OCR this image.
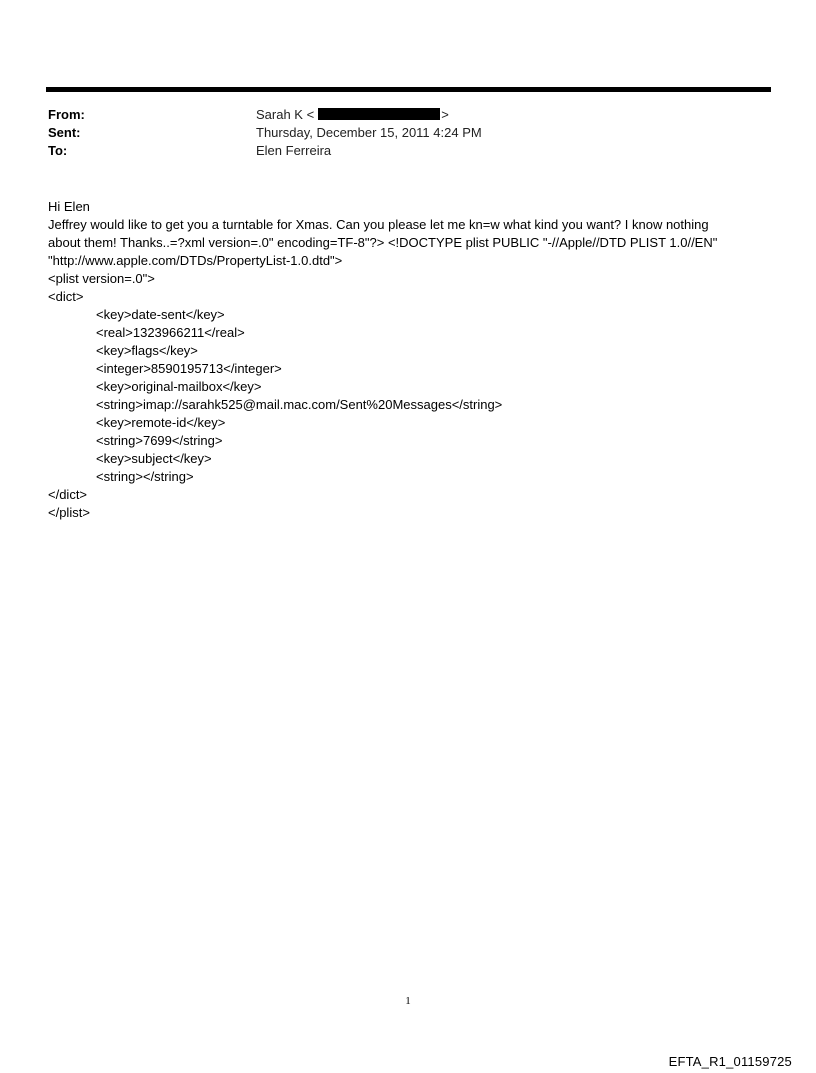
From:	Sarah K <	>
Sent:	Thursday, December 15, 2011 4:24 PM
To:	Elen Ferreira
Hi Elen
Jeffrey would like to get you a turntable for Xmas. Can you please let me kn=w what kind you want? I know nothing
about them! Thanks..=?xml version=.0" encoding=TF-8"?> <!DOCTYPE plist PUBLIC "-//Apple//DTD PLIST 1.0//EN"
"http://www.apple.com/DTDs/PropertyList-1.0.dtd">
<plist version=.0">
<dict>
<key>date-sent</key>
<real>1323966211</real>
<key>flags</key>
<integer>8590195713</integer>
<key>original-mailbox</key>
<string>imap://sarahk525@mail.mac.com/Sent%20Messages</string>
<key>remote-id</key>
<string>7699</string>
<key>subject</key>
<string></string>
</dict>
</plist>
1
EFTA_R1_01159725
